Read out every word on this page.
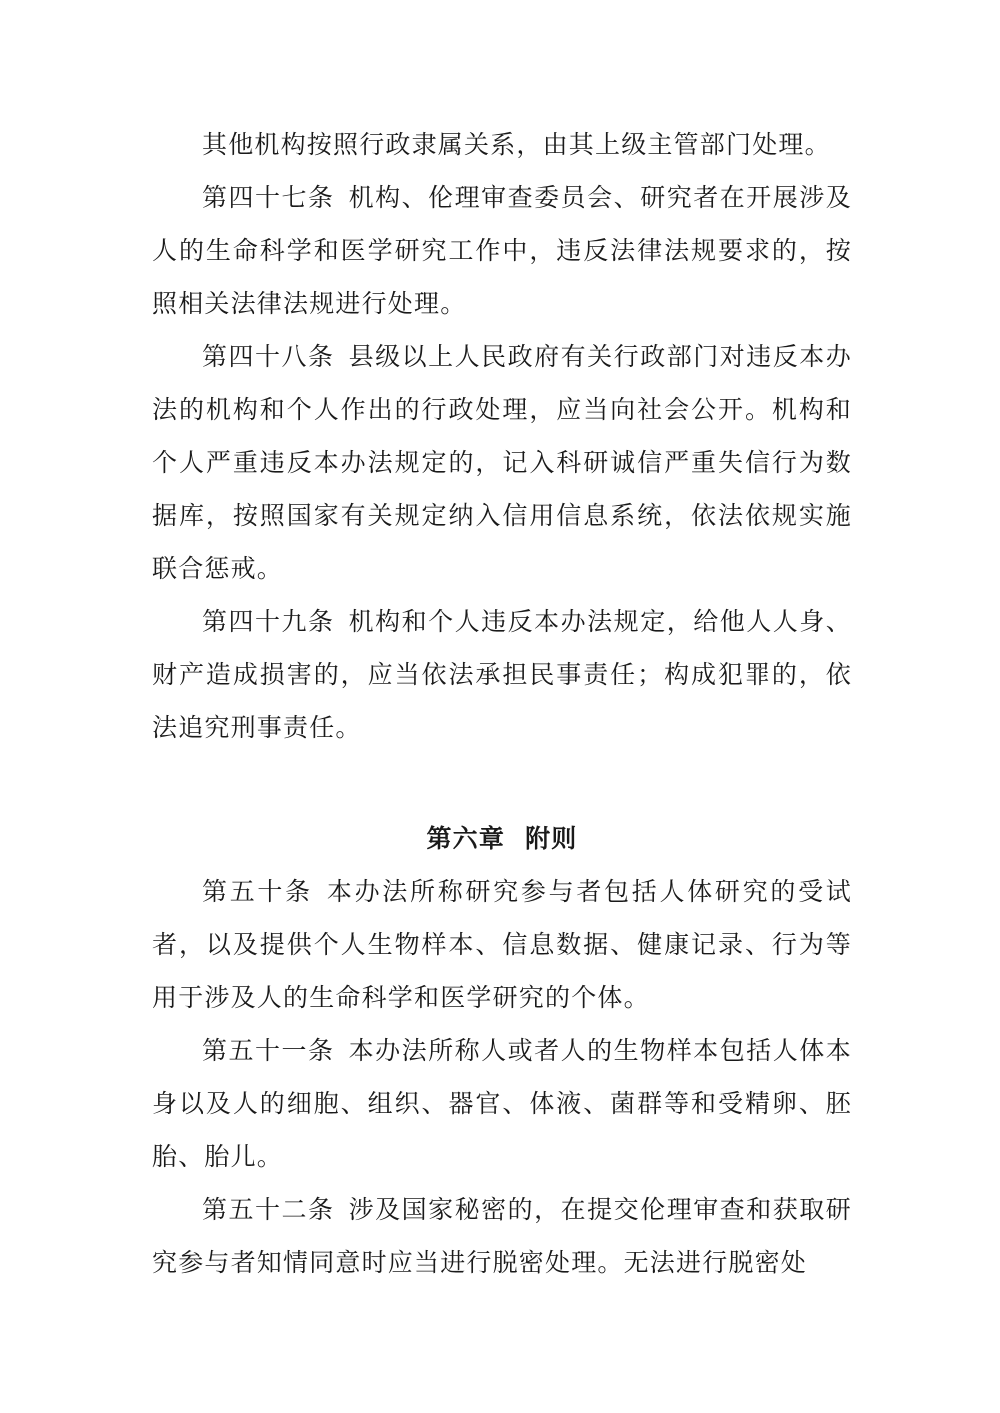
其他机构按照行政隶属关系，由其上级主管部门处理。

第四十七条 机构、伦理审查委员会、研究者在开展涉及人的生命科学和医学研究工作中，违反法律法规要求的，按照相关法律法规进行处理。

第四十八条 县级以上人民政府有关行政部门对违反本办法的机构和个人作出的行政处理，应当向社会公开。机构和个人严重违反本办法规定的，记入科研诚信严重失信行为数据库，按照国家有关规定纳入信用信息系统，依法依规实施联合惩戒。

第四十九条 机构和个人违反本办法规定，给他人人身、财产造成损害的，应当依法承担民事责任；构成犯罪的，依法追究刑事责任。

第六章 附则

第五十条 本办法所称研究参与者包括人体研究的受试者，以及提供个人生物样本、信息数据、健康记录、行为等用于涉及人的生命科学和医学研究的个体。

第五十一条 本办法所称人或者人的生物样本包括人体本身以及人的细胞、组织、器官、体液、菌群等和受精卵、胚胎、胎儿。

第五十二条 涉及国家秘密的，在提交伦理审查和获取研究参与者知情同意时应当进行脱密处理。无法进行脱密处
